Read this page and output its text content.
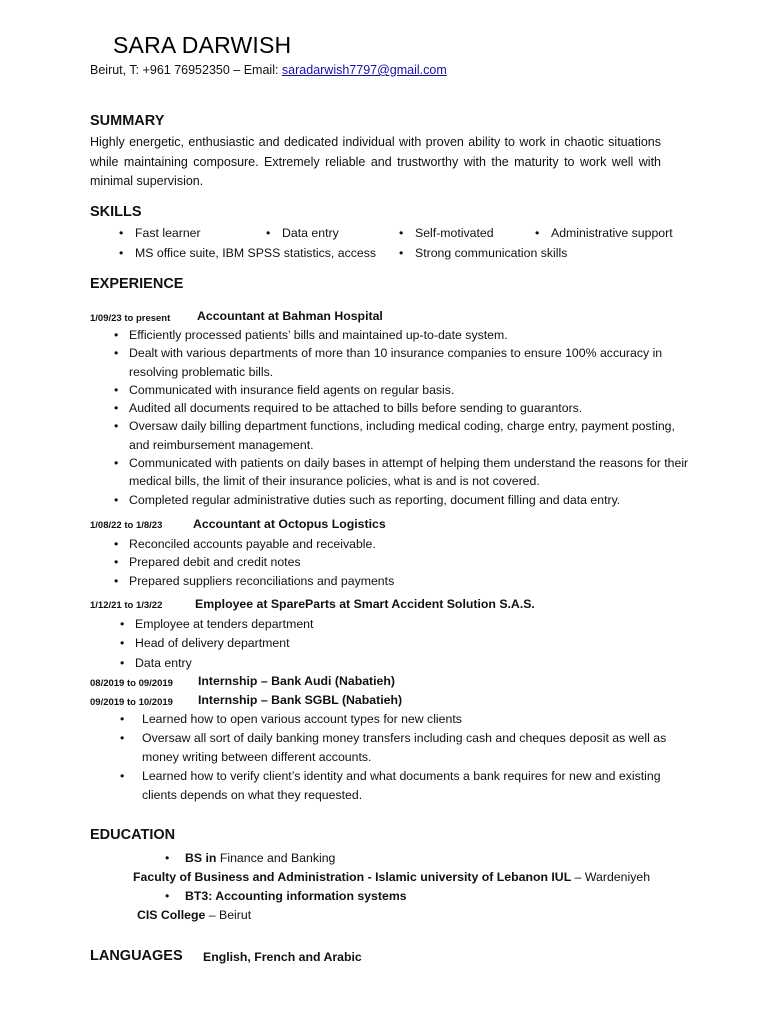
SARA DARWISH
Beirut, T: +961 76952350 – Email: saradarwish7797@gmail.com
SUMMARY
Highly energetic, enthusiastic and dedicated individual with proven ability to work in chaotic situations while maintaining composure. Extremely reliable and trustworthy with the maturity to work well with minimal supervision.
SKILLS
• Fast learner	• Data entry	• Self-motivated	• Administrative support
• MS office suite, IBM SPSS statistics, access • Strong communication skills
EXPERIENCE
1/09/23 to present Accountant at Bahman Hospital
• Efficiently processed patients’ bills and maintained up-to-date system.
• Dealt with various departments of more than 10 insurance companies to ensure 100% accuracy in resolving problematic bills.
• Communicated with insurance field agents on regular basis.
• Audited all documents required to be attached to bills before sending to guarantors.
• Oversaw daily billing department functions, including medical coding, charge entry, payment posting, and reimbursement management.
• Communicated with patients on daily bases in attempt of helping them understand the reasons for their medical bills, the limit of their insurance policies, what is and is not covered.
• Completed regular administrative duties such as reporting, document filling and data entry.
1/08/22 to 1/8/23 Accountant at Octopus Logistics
• Reconciled accounts payable and receivable.
• Prepared debit and credit notes
• Prepared suppliers reconciliations and payments
1/12/21 to 1/3/22	Employee at SpareParts at Smart Accident Solution S.A.S.
• Employee at tenders department
• Head of delivery department
• Data entry
08/2019 to 09/2019 Internship – Bank Audi (Nabatieh)
09/2019 to 10/2019 Internship – Bank SGBL (Nabatieh)
• Learned how to open various account types for new clients
• Oversaw all sort of daily banking money transfers including cash and cheques deposit as well as money writing between different accounts.
• Learned how to verify client’s identity and what documents a bank requires for new and existing clients depends on what they requested.
EDUCATION
• BS in Finance and Banking
Faculty of Business and Administration - Islamic university of Lebanon IUL – Wardeniyeh
• BT3: Accounting information systems
CIS College – Beirut
LANGUAGES English, French and Arabic
